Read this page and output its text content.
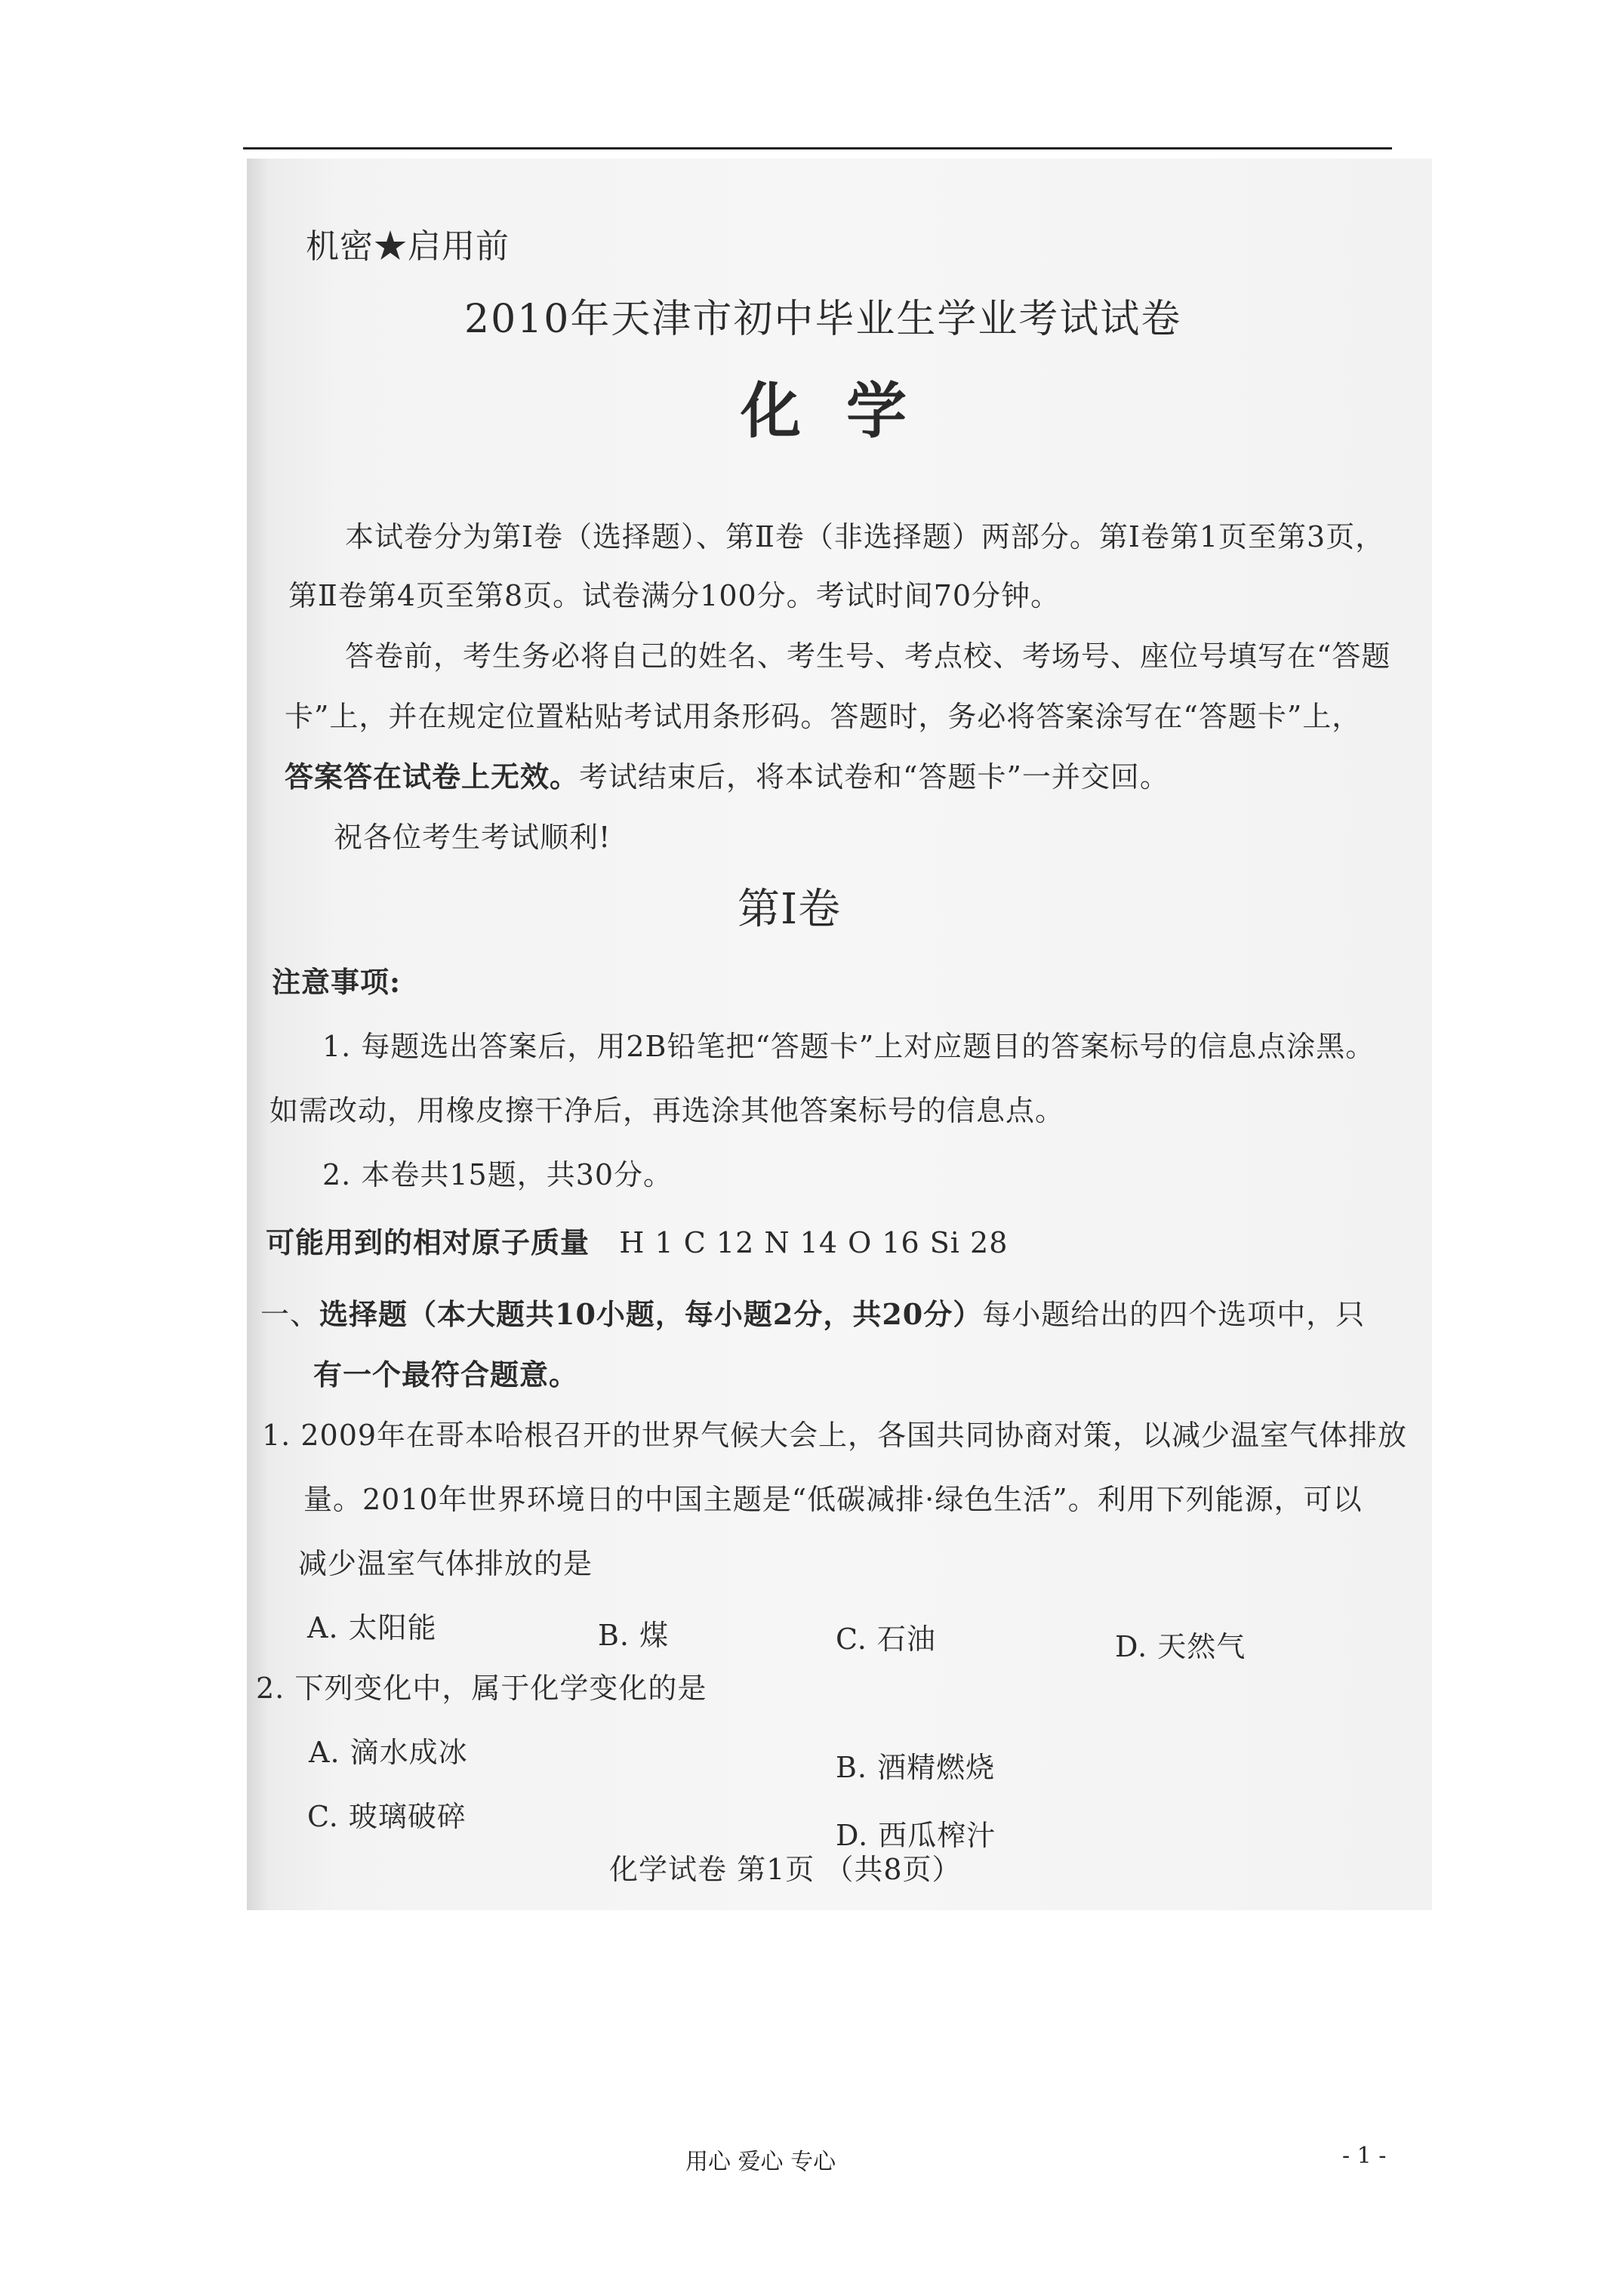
机密★启用前
2010年天津市初中毕业生学业考试试卷
化学
本试卷分为第Ⅰ卷（选择题）、第Ⅱ卷（非选择题）两部分。第Ⅰ卷第1页至第3页，
第Ⅱ卷第4页至第8页。试卷满分100分。考试时间70分钟。
答卷前，考生务必将自己的姓名、考生号、考点校、考场号、座位号填写在“答题
卡”上，并在规定位置粘贴考试用条形码。答题时，务必将答案涂写在“答题卡”上，
答案答在试卷上无效。考试结束后，将本试卷和“答题卡”一并交回。
祝各位考生考试顺利!
第Ⅰ卷
注意事项:
1. 每题选出答案后，用2B铅笔把“答题卡”上对应题目的答案标号的信息点涂黑。
如需改动，用橡皮擦干净后，再选涂其他答案标号的信息点。
2. 本卷共15题，共30分。
可能用到的相对原子质量 H 1 C 12 N 14 O 16 Si 28
一、选择题（本大题共10小题，每小题2分，共20分）每小题给出的四个选项中，只
有一个最符合题意。
1. 2009年在哥本哈根召开的世界气候大会上，各国共同协商对策，以减少温室气体排放
量。2010年世界环境日的中国主题是“低碳减排·绿色生活”。利用下列能源，可以
减少温室气体排放的是
A. 太阳能	B. 煤	C. 石油	D. 天然气
2. 下列变化中，属于化学变化的是
A. 滴水成冰	B. 酒精燃烧
C. 玻璃破碎
D. 西瓜榨汁
化学试卷 第1页 （共8页）
用心 爱心 专心	- 1 -
